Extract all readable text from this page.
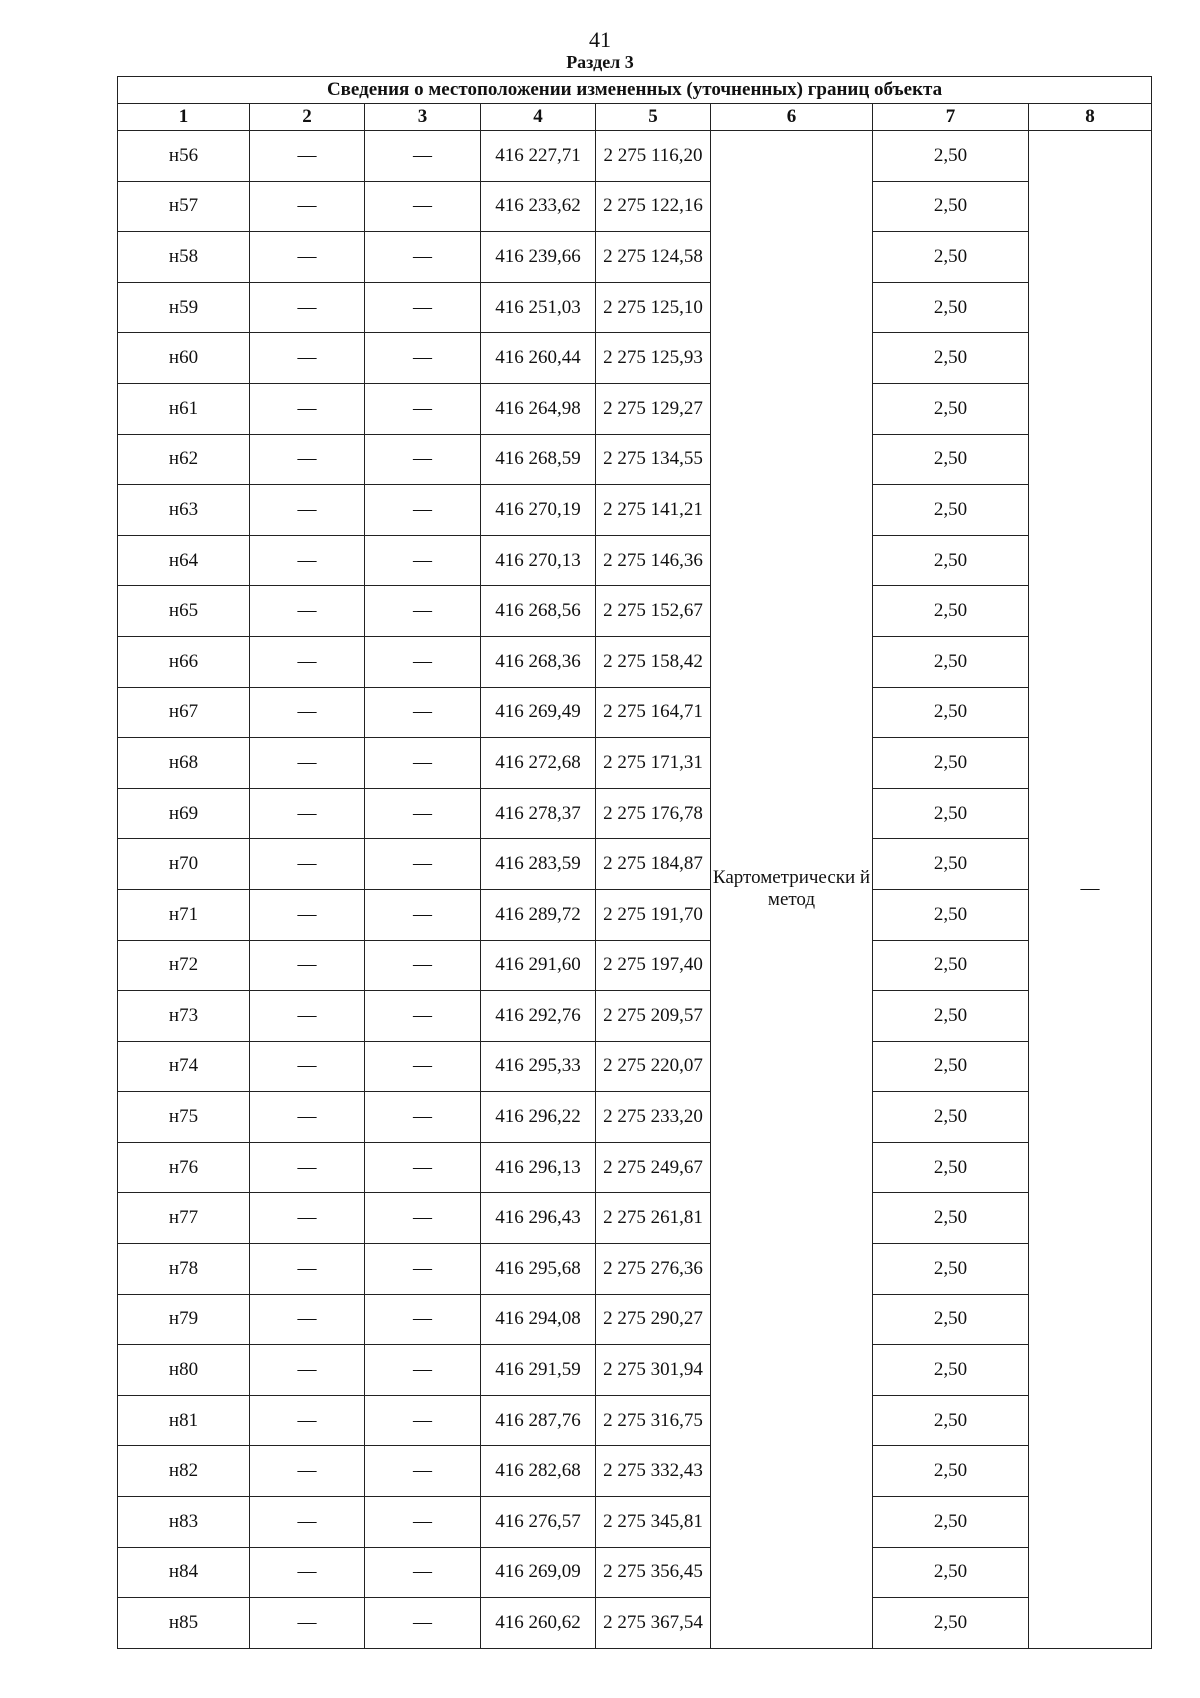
41
Раздел 3
Сведения о местоположении измененных (уточненных) границ объекта							
1	2	3	4	5	6	7	8
н56	—	—	416 227,71	2 275 116,20	Картометрически й метод	2,50	—
н57	—	—	416 233,62	2 275 122,16		2,50	
н58	—	—	416 239,66	2 275 124,58		2,50	
н59	—	—	416 251,03	2 275 125,10		2,50	
н60	—	—	416 260,44	2 275 125,93		2,50	
н61	—	—	416 264,98	2 275 129,27		2,50	
н62	—	—	416 268,59	2 275 134,55		2,50	
н63	—	—	416 270,19	2 275 141,21		2,50	
н64	—	—	416 270,13	2 275 146,36		2,50	
н65	—	—	416 268,56	2 275 152,67		2,50	
н66	—	—	416 268,36	2 275 158,42		2,50	
н67	—	—	416 269,49	2 275 164,71		2,50	
н68	—	—	416 272,68	2 275 171,31		2,50	
н69	—	—	416 278,37	2 275 176,78		2,50	
н70	—	—	416 283,59	2 275 184,87		2,50	
н71	—	—	416 289,72	2 275 191,70		2,50	
н72	—	—	416 291,60	2 275 197,40		2,50	
н73	—	—	416 292,76	2 275 209,57		2,50	
н74	—	—	416 295,33	2 275 220,07		2,50	
н75	—	—	416 296,22	2 275 233,20		2,50	
н76	—	—	416 296,13	2 275 249,67		2,50	
н77	—	—	416 296,43	2 275 261,81		2,50	
н78	—	—	416 295,68	2 275 276,36		2,50	
н79	—	—	416 294,08	2 275 290,27		2,50	
н80	—	—	416 291,59	2 275 301,94		2,50	
н81	—	—	416 287,76	2 275 316,75		2,50	
н82	—	—	416 282,68	2 275 332,43		2,50	
н83	—	—	416 276,57	2 275 345,81		2,50	
н84	—	—	416 269,09	2 275 356,45		2,50	
н85	—	—	416 260,62	2 275 367,54		2,50	
